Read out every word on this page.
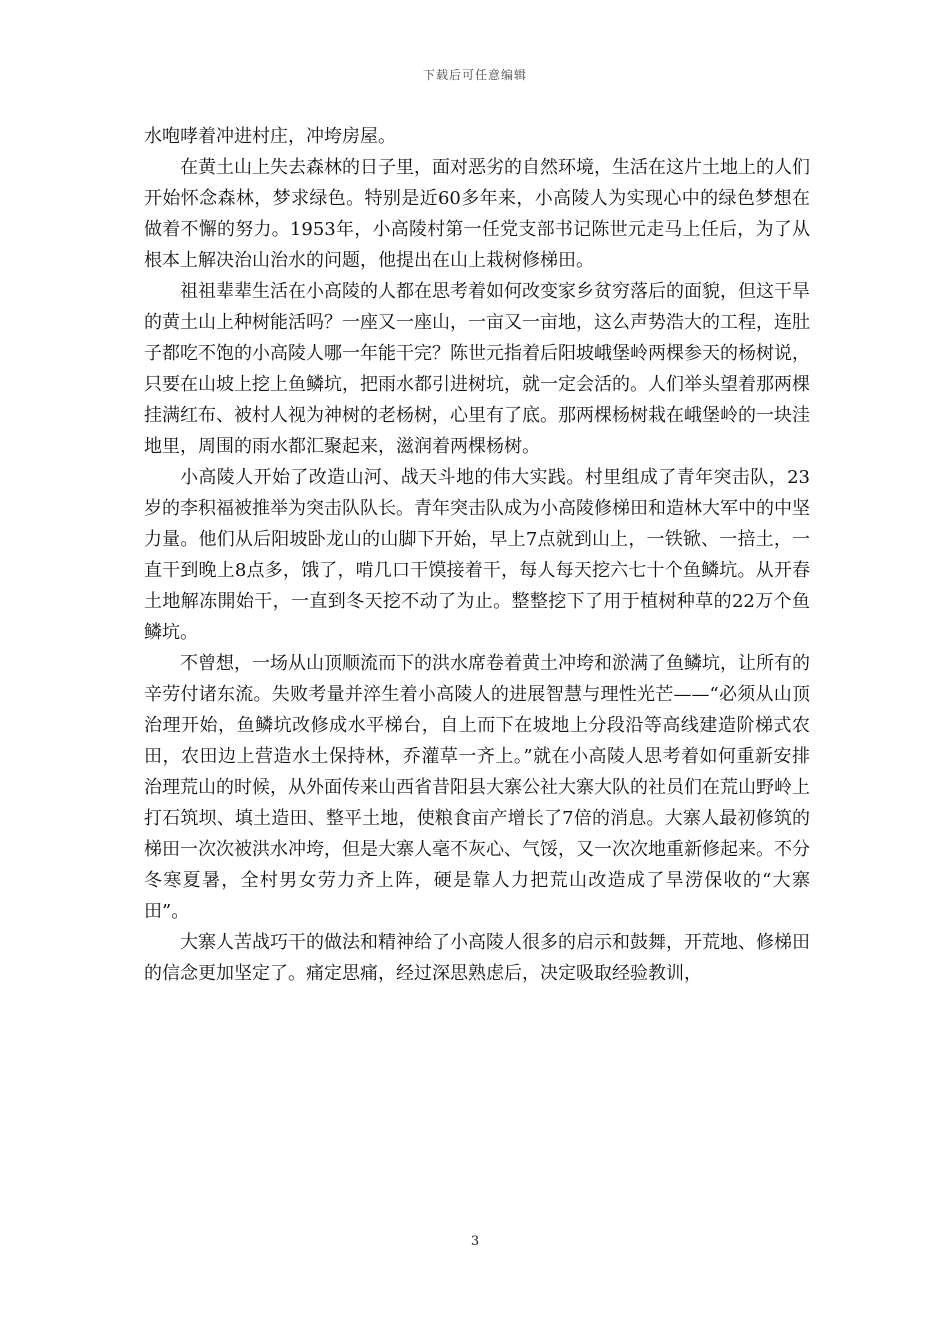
下载后可任意编辑

水咆哮着冲进村庄，冲垮房屋。

在黄土山上失去森林的日子里，面对恶劣的自然环境，生活在这片土地上的人们开始怀念森林，梦求绿色。特别是近60多年来，小高陵人为实现心中的绿色梦想在做着不懈的努力。1953年，小高陵村第一任党支部书记陈世元走马上任后，为了从根本上解决治山治水的问题，他提出在山上栽树修梯田。

祖祖辈辈生活在小高陵的人都在思考着如何改变家乡贫穷落后的面貌，但这干旱的黄土山上种树能活吗？一座又一座山，一亩又一亩地，这么声势浩大的工程，连肚子都吃不饱的小高陵人哪一年能干完？陈世元指着后阳坡峨堡岭两棵参天的杨树说，只要在山坡上挖上鱼鳞坑，把雨水都引进树坑，就一定会活的。人们举头望着那两棵挂满红布、被村人视为神树的老杨树，心里有了底。那两棵杨树栽在峨堡岭的一块洼地里，周围的雨水都汇聚起来，滋润着两棵杨树。

小高陵人开始了改造山河、战天斗地的伟大实践。村里组成了青年突击队，23岁的李积福被推举为突击队队长。青年突击队成为小高陵修梯田和造林大军中的中坚力量。他们从后阳坡卧龙山的山脚下开始，早上7点就到山上，一铁锨、一掊土，一直干到晚上8点多，饿了，啃几口干馍接着干，每人每天挖六七十个鱼鳞坑。从开春土地解冻開始干，一直到冬天挖不动了为止。整整挖下了用于植树种草的22万个鱼鳞坑。

不曾想，一场从山顶顺流而下的洪水席卷着黄土冲垮和淤满了鱼鳞坑，让所有的辛劳付诸东流。失败考量并淬生着小高陵人的进展智慧与理性光芒——“必须从山顶治理开始，鱼鳞坑改修成水平梯台，自上而下在坡地上分段沿等高线建造阶梯式农田，农田边上营造水土保持林，乔灌草一齐上。”就在小高陵人思考着如何重新安排治理荒山的时候，从外面传来山西省昔阳县大寨公社大寨大队的社员们在荒山野岭上打石筑坝、填土造田、整平土地，使粮食亩产增长了7倍的消息。大寨人最初修筑的梯田一次次被洪水冲垮，但是大寨人毫不灰心、气馁，又一次次地重新修起来。不分冬寒夏暑，全村男女劳力齐上阵，硬是靠人力把荒山改造成了旱涝保收的“大寨田”。

大寨人苦战巧干的做法和精神给了小高陵人很多的启示和鼓舞，开荒地、修梯田的信念更加坚定了。痛定思痛，经过深思熟虑后，决定吸取经验教训，

3
